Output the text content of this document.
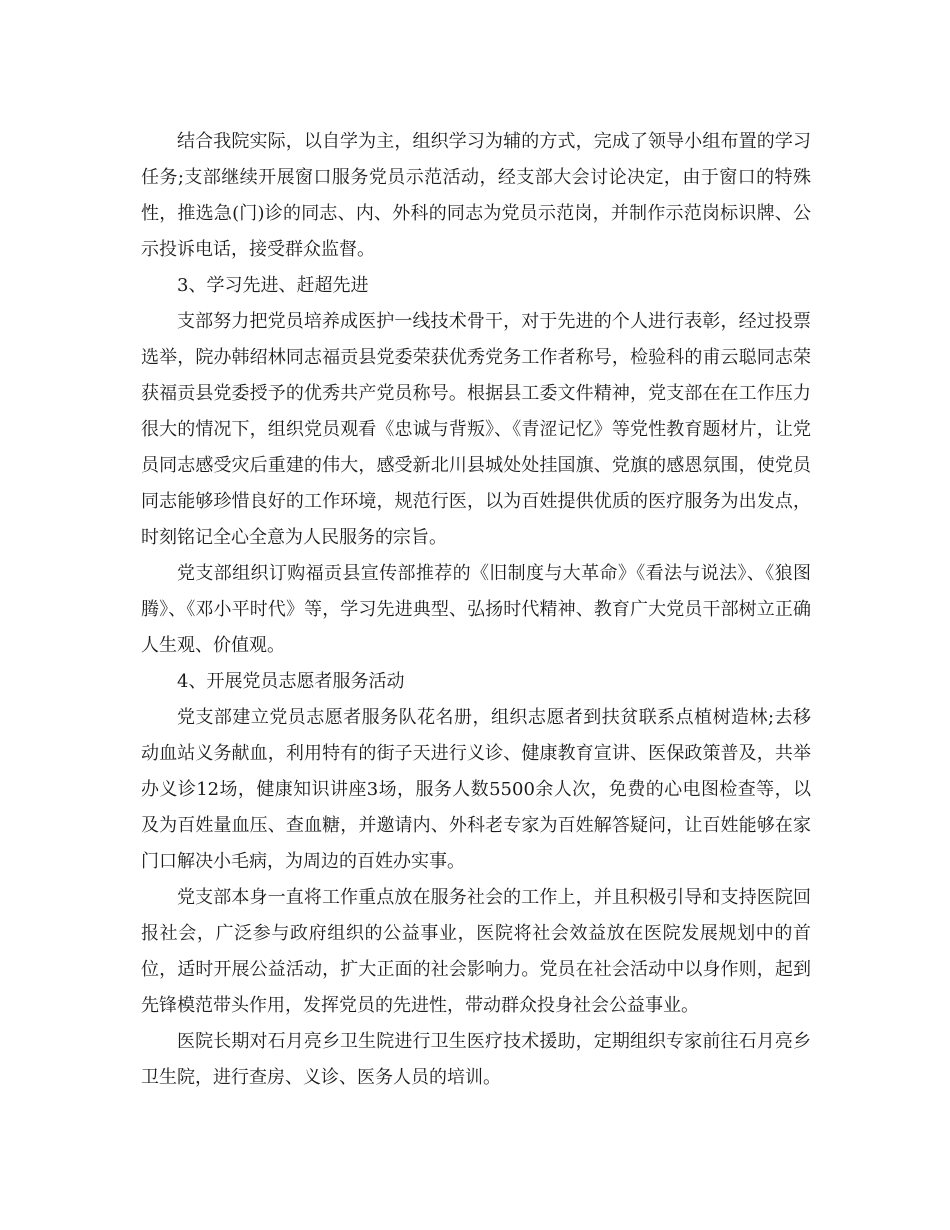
结合我院实际，以自学为主，组织学习为辅的方式，完成了领导小组布置的学习任务;支部继续开展窗口服务党员示范活动，经支部大会讨论决定，由于窗口的特殊性，推选急(门)诊的同志、内、外科的同志为党员示范岗，并制作示范岗标识牌、公示投诉电话，接受群众监督。

3、学习先进、赶超先进

支部努力把党员培养成医护一线技术骨干，对于先进的个人进行表彰，经过投票选举，院办韩绍林同志福贡县党委荣获优秀党务工作者称号，检验科的甫云聪同志荣获福贡县党委授予的优秀共产党员称号。根据县工委文件精神，党支部在在工作压力很大的情况下，组织党员观看《忠诚与背叛》、《青涩记忆》等党性教育题材片，让党员同志感受灾后重建的伟大，感受新北川县城处处挂国旗、党旗的感恩氛围，使党员同志能够珍惜良好的工作环境，规范行医，以为百姓提供优质的医疗服务为出发点，时刻铭记全心全意为人民服务的宗旨。

党支部组织订购福贡县宣传部推荐的《旧制度与大革命》《看法与说法》、《狼图腾》、《邓小平时代》等，学习先进典型、弘扬时代精神、教育广大党员干部树立正确人生观、价值观。

4、开展党员志愿者服务活动

党支部建立党员志愿者服务队花名册，组织志愿者到扶贫联系点植树造林;去移动血站义务献血，利用特有的街子天进行义诊、健康教育宣讲、医保政策普及，共举办义诊12场，健康知识讲座3场，服务人数5500余人次，免费的心电图检查等，以及为百姓量血压、查血糖，并邀请内、外科老专家为百姓解答疑问，让百姓能够在家门口解决小毛病，为周边的百姓办实事。

党支部本身一直将工作重点放在服务社会的工作上，并且积极引导和支持医院回报社会，广泛参与政府组织的公益事业，医院将社会效益放在医院发展规划中的首位，适时开展公益活动，扩大正面的社会影响力。党员在社会活动中以身作则，起到先锋模范带头作用，发挥党员的先进性，带动群众投身社会公益事业。

医院长期对石月亮乡卫生院进行卫生医疗技术援助，定期组织专家前往石月亮乡卫生院，进行查房、义诊、医务人员的培训。
